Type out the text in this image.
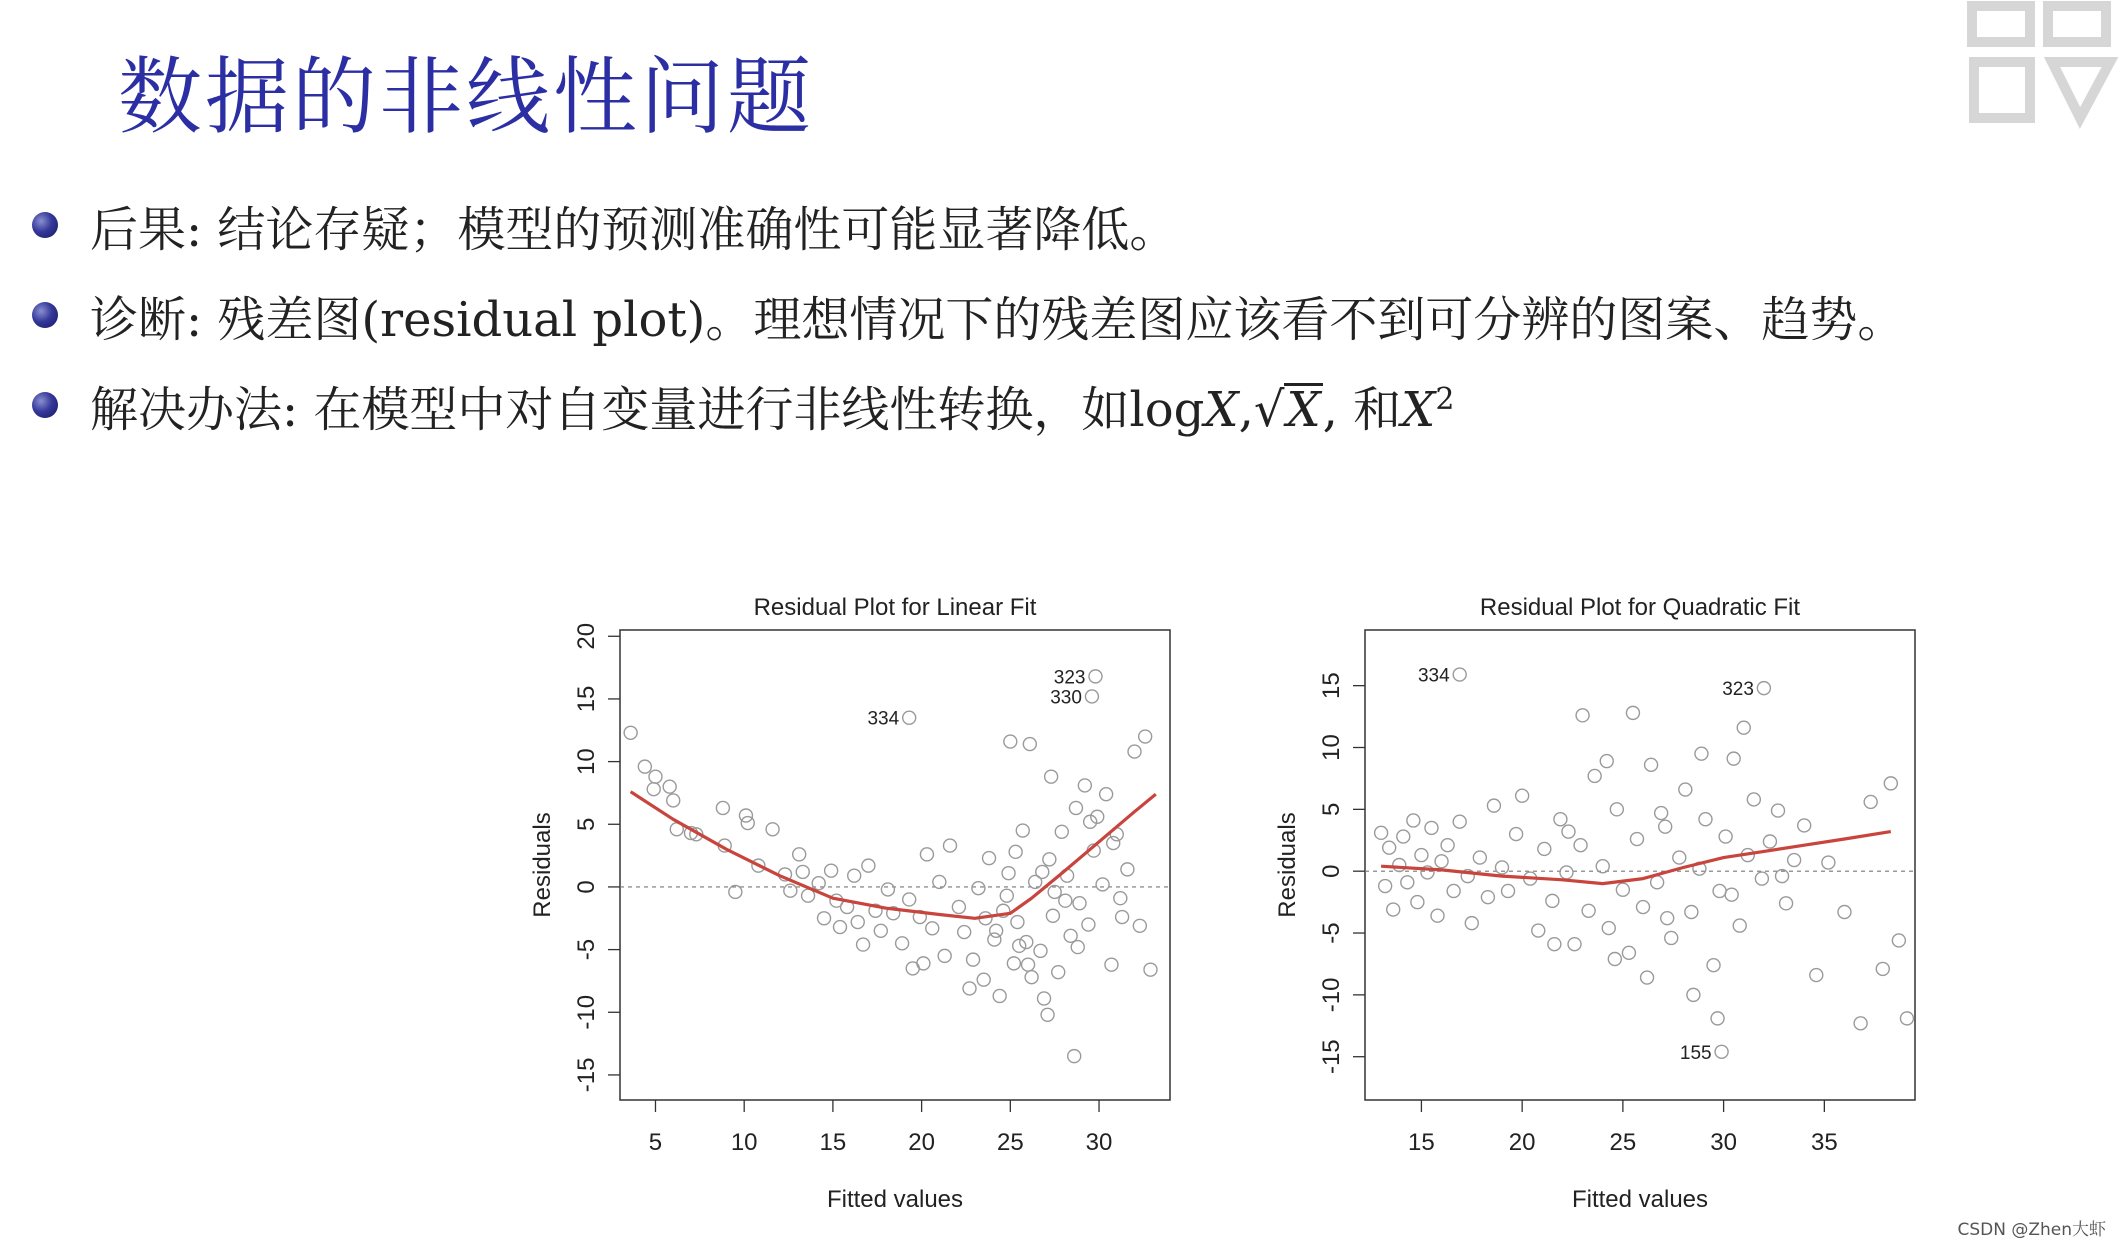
数据的非线性问题
后果: 结论存疑；模型的预测准确性可能显著降低。
诊断: 残差图(residual plot)。理想情况下的残差图应该看不到可分辨的图案、趋势。
解决办法: 在模型中对自变量进行非线性转换，如logX,√X, 和$X^2$
Residual Plot for Linear Fit
5	10	15	20	25	30
-15
-10
-5
0
5
10
15
20
Fitted values
Residuals
323
330
334
Residual Plot for Quadratic Fit
15	20	25	30	35
-15
-10
-5
0
5
10
15
Fitted values
Residuals
334
323
155
CSDN @Zhen大虾
